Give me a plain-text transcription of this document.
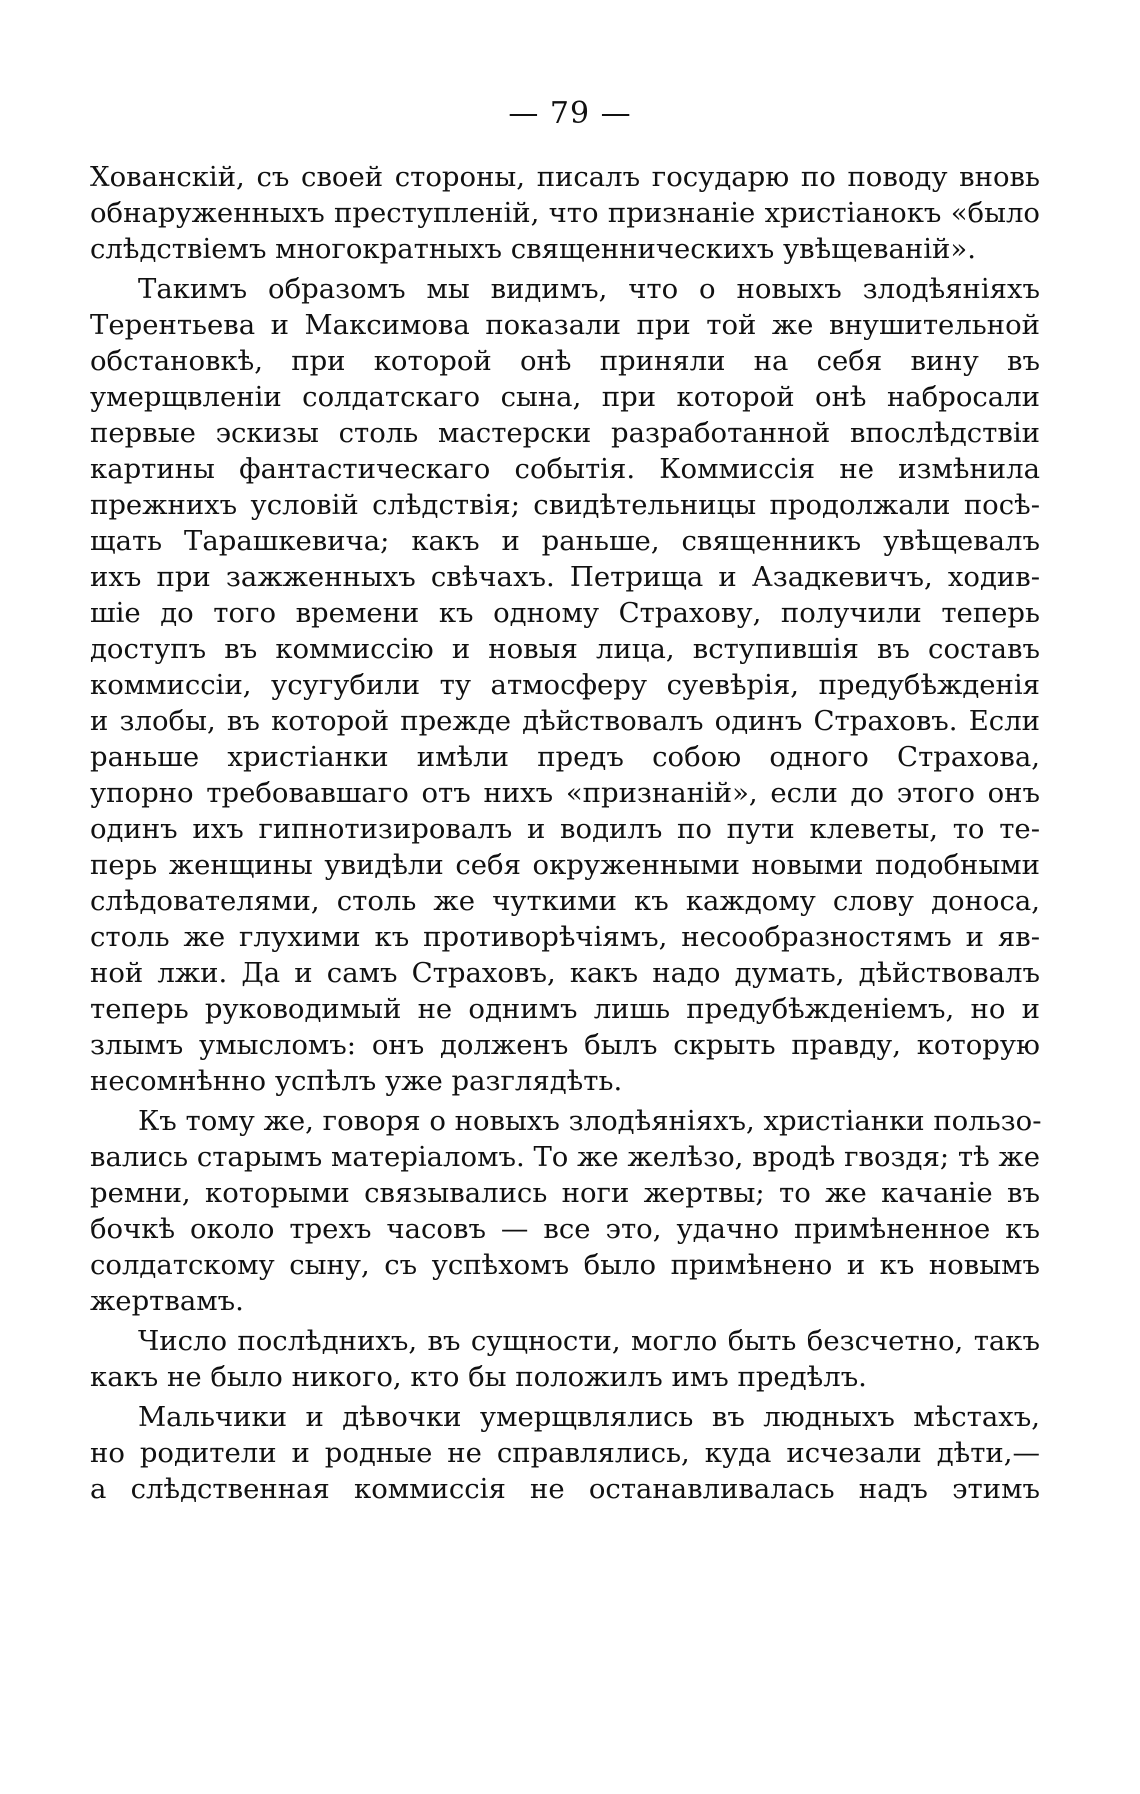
— 79 —
Хованскій, съ своей стороны, писалъ государю по поводу вновь
обнаруженныхъ преступленій, что признаніе христіанокъ «было
слѣдствіемъ многократныхъ священническихъ увѣщеваній».
Такимъ образомъ мы видимъ, что о новыхъ злодѣяніяхъ
Терентьева и Максимова показали при той же внушительной
обстановкѣ, при которой онѣ приняли на себя вину въ
умерщвленіи солдатскаго сына, при которой онѣ набросали
первые эскизы столь мастерски разработанной впослѣдствіи
картины фантастическаго событія. Коммиссія не измѣнила
прежнихъ условій слѣдствія; свидѣтельницы продолжали посѣ-
щать Тарашкевича; какъ и раньше, священникъ увѣщевалъ
ихъ при зажженныхъ свѣчахъ. Петрища и Азадкевичъ, ходив-
шіе до того времени къ одному Страхову, получили теперь
доступъ въ коммиссію и новыя лица, вступившія въ составъ
коммиссіи, усугубили ту атмосферу суевѣрія, предубѣжденія
и злобы, въ которой прежде дѣйствовалъ одинъ Страховъ. Если
раньше христіанки имѣли предъ собою одного Страхова,
упорно требовавшаго отъ нихъ «признаній», если до этого онъ
одинъ ихъ гипнотизировалъ и водилъ по пути клеветы, то те-
перь женщины увидѣли себя окруженными новыми подобными
слѣдователями, столь же чуткими къ каждому слову доноса,
столь же глухими къ противорѣчіямъ, несообразностямъ и яв-
ной лжи. Да и самъ Страховъ, какъ надо думать, дѣйствовалъ
теперь руководимый не однимъ лишь предубѣжденіемъ, но и
злымъ умысломъ: онъ долженъ былъ скрыть правду, которую
несомнѣнно успѣлъ уже разглядѣть.
Къ тому же, говоря о новыхъ злодѣяніяхъ, христіанки пользо-
вались старымъ матеріаломъ. То же желѣзо, вродѣ гвоздя; тѣ же
ремни, которыми связывались ноги жертвы; то же качаніе въ
бочкѣ около трехъ часовъ — все это, удачно примѣненное къ
солдатскому сыну, съ успѣхомъ было примѣнено и къ новымъ
жертвамъ.
Число послѣднихъ, въ сущности, могло быть безсчетно, такъ
какъ не было никого, кто бы положилъ имъ предѣлъ.
Мальчики и дѣвочки умерщвлялись въ людныхъ мѣстахъ,
но родители и родные не справлялись, куда исчезали дѣти,—
а слѣдственная коммиссія не останавливалась надъ этимъ
